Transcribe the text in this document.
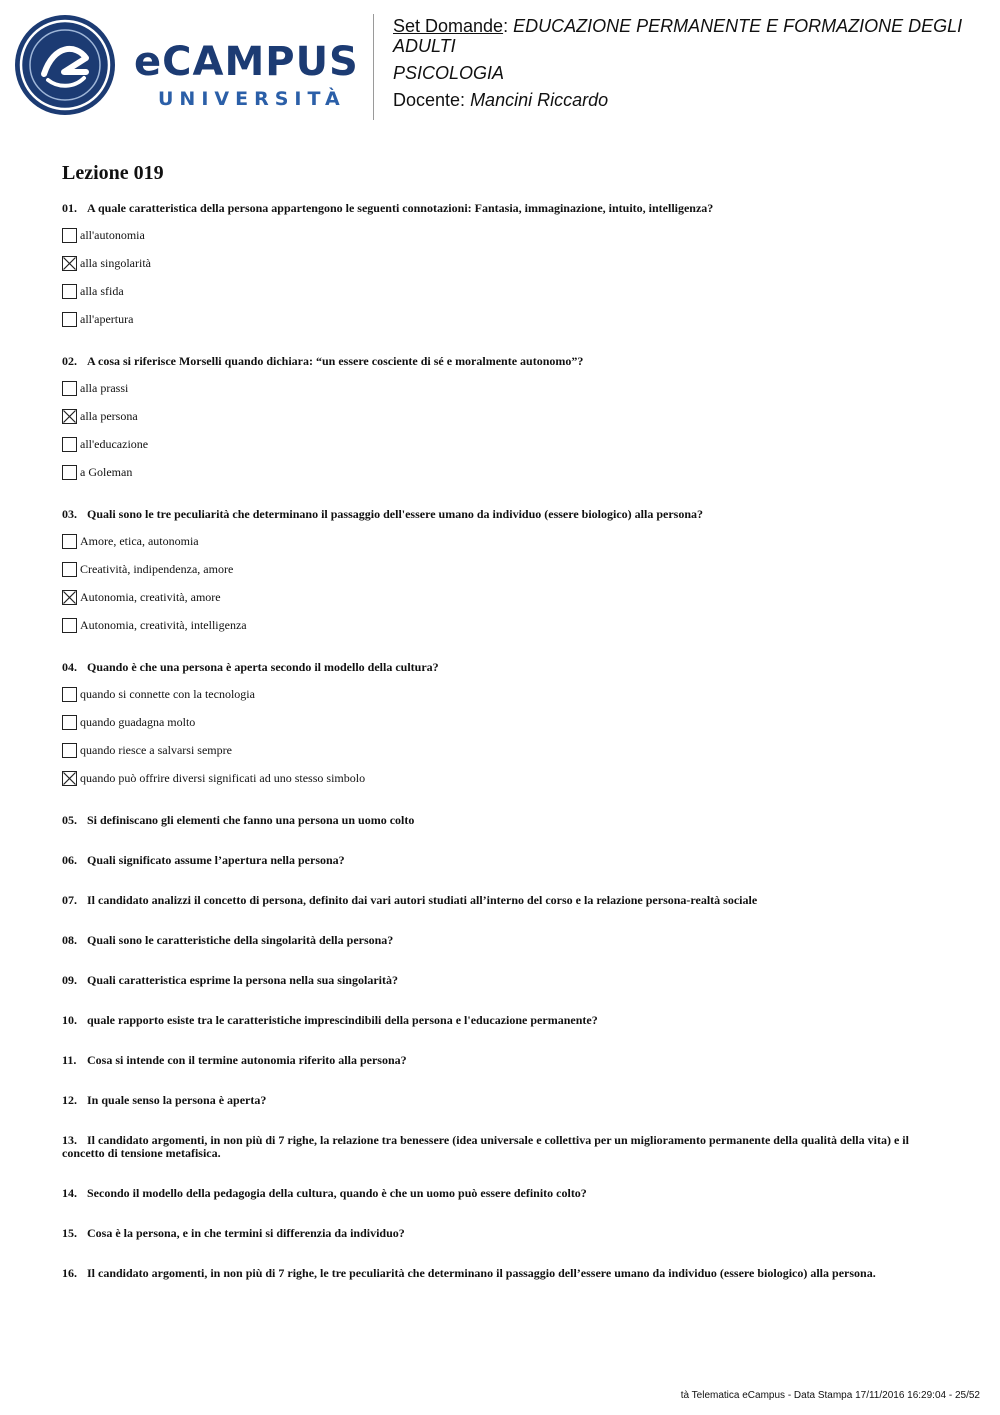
eCAMPUS
UNIVERSITÀ
Set Domande: EDUCAZIONE PERMANENTE E FORMAZIONE DEGLI ADULTI
PSICOLOGIA
Docente: Mancini Riccardo
Lezione 019

01. A quale caratteristica della persona appartengono le seguenti connotazioni: Fantasia, immaginazione, intuito, intelligenza?

all'autonomia
alla singolarità
alla sfida
all'apertura

02. A cosa si riferisce Morselli quando dichiara: “un essere cosciente di sé e moralmente autonomo”?

alla prassi
alla persona
all'educazione
a Goleman

03. Quali sono le tre peculiarità che determinano il passaggio dell'essere umano da individuo (essere biologico) alla persona?

Amore, etica, autonomia
Creatività, indipendenza, amore
Autonomia, creatività, amore
Autonomia, creatività, intelligenza

04. Quando è che una persona è aperta secondo il modello della cultura?

quando si connette con la tecnologia
quando guadagna molto
quando riesce a salvarsi sempre
quando può offrire diversi significati ad uno stesso simbolo

05. Si definiscano gli elementi che fanno una persona un uomo colto

06. Quali significato assume l’apertura nella persona?

07. Il candidato analizzi il concetto di persona, definito dai vari autori studiati all’interno del corso e la relazione persona-realtà sociale

08. Quali sono le caratteristiche della singolarità della persona?

09. Quali caratteristica esprime la persona nella sua singolarità?

10. quale rapporto esiste tra le caratteristiche imprescindibili della persona e l'educazione permanente?

11. Cosa si intende con il termine autonomia riferito alla persona?

12. In quale senso la persona è aperta?

13. Il candidato argomenti, in non più di 7 righe, la relazione tra benessere (idea universale e collettiva per un miglioramento permanente della qualità della vita) e il concetto di tensione metafisica.

14. Secondo il modello della pedagogia della cultura, quando è che un uomo può essere definito colto?

15. Cosa è la persona, e in che termini si differenzia da individuo?

16. Il candidato argomenti, in non più di 7 righe, le tre peculiarità che determinano il passaggio dell’essere umano da individuo (essere biologico) alla persona.

tà Telematica eCampus - Data Stampa 17/11/2016 16:29:04 - 25/52
